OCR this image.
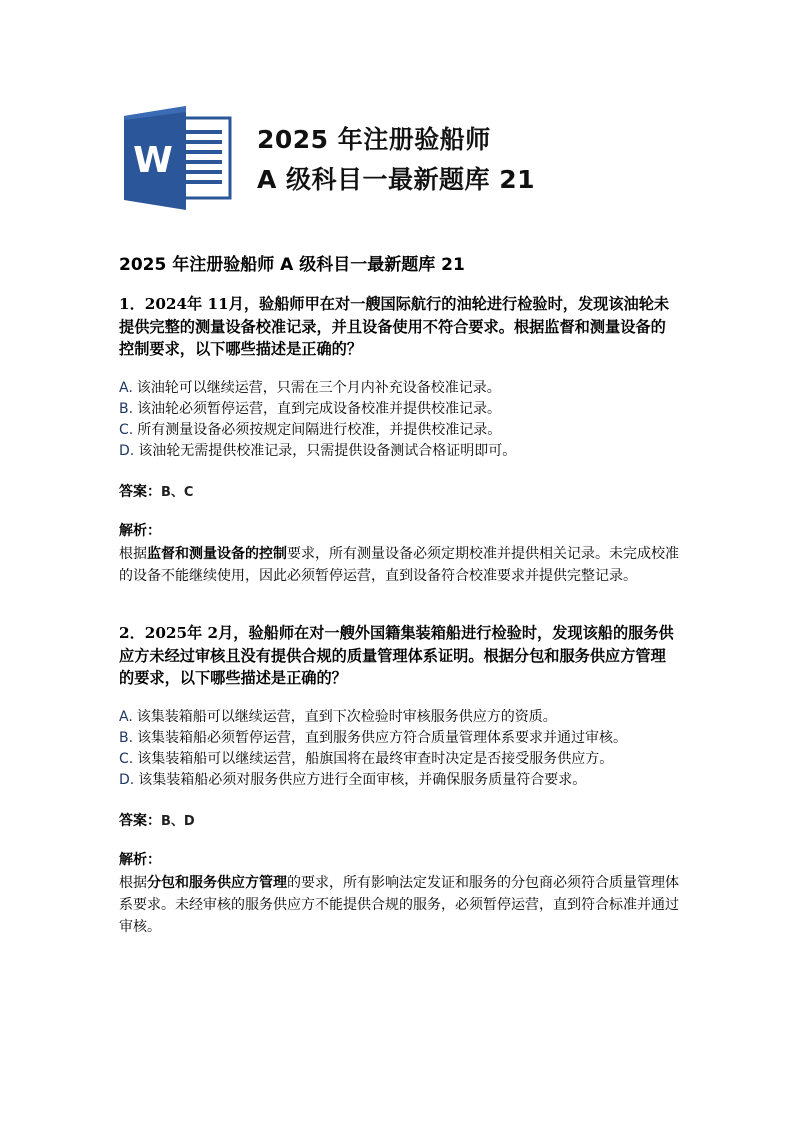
W
2025 年注册验船师
A 级科目一最新题库 21
2025 年注册验船师 A 级科目一最新题库 21

1．2024年 11月，验船师甲在对一艘国际航行的油轮进行检验时，发现该油轮未提供完整的测量设备校准记录，并且设备使用不符合要求。根据监督和测量设备的控制要求，以下哪些描述是正确的？

A. 该油轮可以继续运营，只需在三个月内补充设备校准记录。
B. 该油轮必须暂停运营，直到完成设备校准并提供校准记录。
C. 所有测量设备必须按规定间隔进行校准，并提供校准记录。
D. 该油轮无需提供校准记录，只需提供设备测试合格证明即可。
答案：B、C
解析：

根据监督和测量设备的控制要求，所有测量设备必须定期校准并提供相关记录。未完成校准的设备不能继续使用，因此必须暂停运营，直到设备符合校准要求并提供完整记录。

2．2025年 2月，验船师在对一艘外国籍集装箱船进行检验时，发现该船的服务供应方未经过审核且没有提供合规的质量管理体系证明。根据分包和服务供应方管理的要求，以下哪些描述是正确的？

A. 该集装箱船可以继续运营，直到下次检验时审核服务供应方的资质。
B. 该集装箱船必须暂停运营，直到服务供应方符合质量管理体系要求并通过审核。
C. 该集装箱船可以继续运营，船旗国将在最终审查时决定是否接受服务供应方。
D. 该集装箱船必须对服务供应方进行全面审核，并确保服务质量符合要求。
答案：B、D
解析：

根据分包和服务供应方管理的要求，所有影响法定发证和服务的分包商必须符合质量管理体系要求。未经审核的服务供应方不能提供合规的服务，必须暂停运营，直到符合标准并通过审核。
